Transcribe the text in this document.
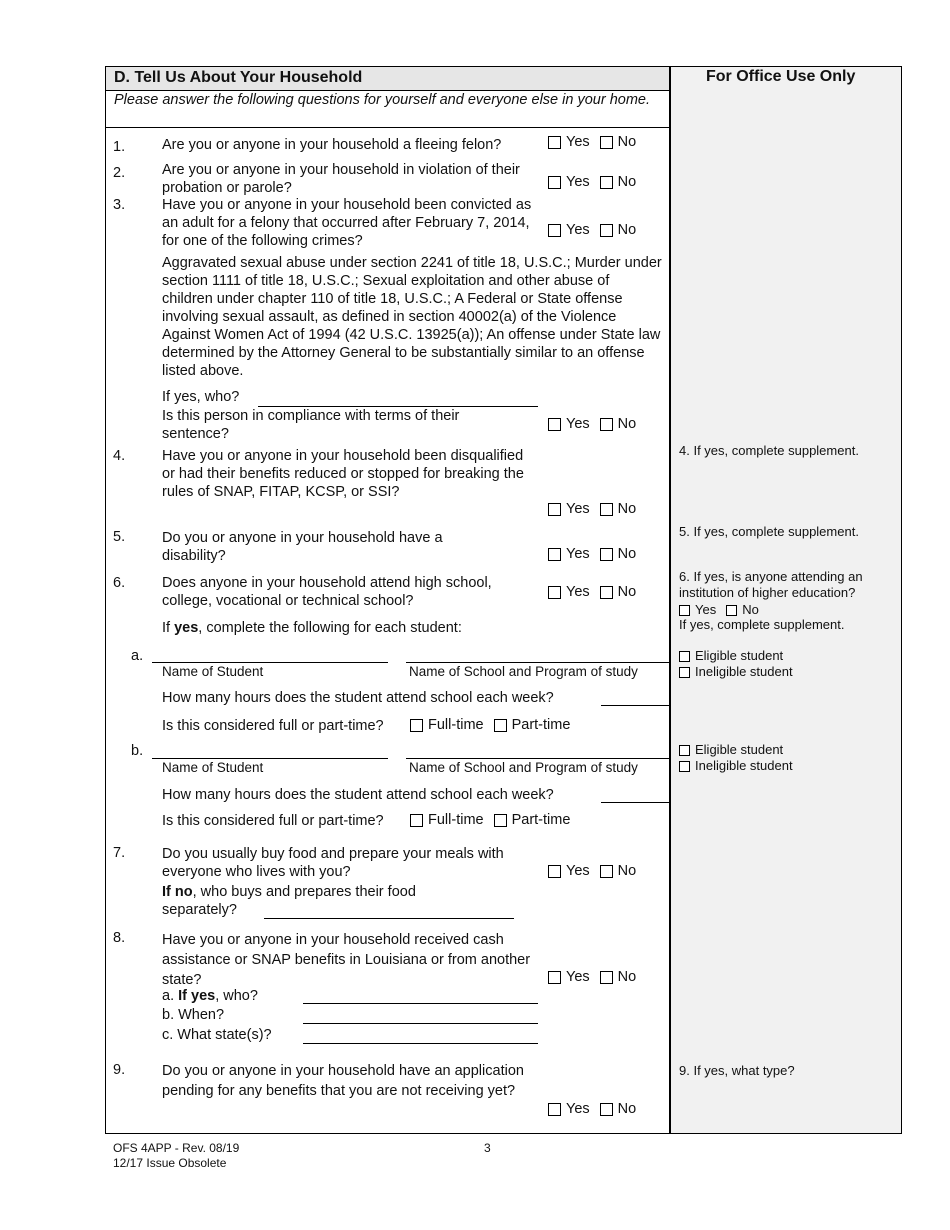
D. Tell Us About Your Household	For Office Use Only
Please answer the following questions for yourself and everyone else in your home.
1.	Are you or anyone in your household a fleeing felon?	Yes No
2.	Are you or anyone in your household in violation of their probation or parole?	Yes No
3.	Have you or anyone in your household been convicted as an adult for a felony that occurred after February 7, 2014, for one of the following crimes?
Yes No
Aggravated sexual abuse under section 2241 of title 18, U.S.C.; Murder under section 1111 of title 18, U.S.C.; Sexual exploitation and other abuse of children under chapter 110 of title 18, U.S.C.; A Federal or State offense involving sexual assault, as defined in section 40002(a) of the Violence Against Women Act of 1994 (42 U.S.C. 13925(a)); An offense under State law determined by the Attorney General to be substantially similar to an offense listed above.
If yes, who?
Is this person in compliance with terms of their sentence?
Yes No
4.	Have you or anyone in your household been disqualified or had their benefits reduced or stopped for breaking the rules of SNAP, FITAP, KCSP, or SSI?
Yes No
4. If yes, complete supplement.
5.	Do you or anyone in your household have a disability?	Yes No
5. If yes, complete supplement.
6.	Does anyone in your household attend high school, college, vocational or technical school?
Yes No
If yes, complete the following for each student:
6. If yes, is anyone attending an institution of higher education?
Yes No
If yes, complete supplement.
a.
Name of Student	Name of School and Program of study
How many hours does the student attend school each week?
Is this considered full or part-time?	Full-time Part-time
Eligible student
Ineligible student
b.
Name of Student	Name of School and Program of study
How many hours does the student attend school each week?
Is this considered full or part-time?	Full-time Part-time
Eligible student
Ineligible student
7.	Do you usually buy food and prepare your meals with everyone who lives with you?	Yes No
If no, who buys and prepares their food separately?
8.	Have you or anyone in your household received cash assistance or SNAP benefits in Louisiana or from another state?	Yes No
a. If yes, who?
b. When?
c. What state(s)?
9.	Do you or anyone in your household have an application pending for any benefits that you are not receiving yet?
Yes No
9. If yes, what type?
OFS 4APP - Rev. 08/19
12/17 Issue Obsolete
3
